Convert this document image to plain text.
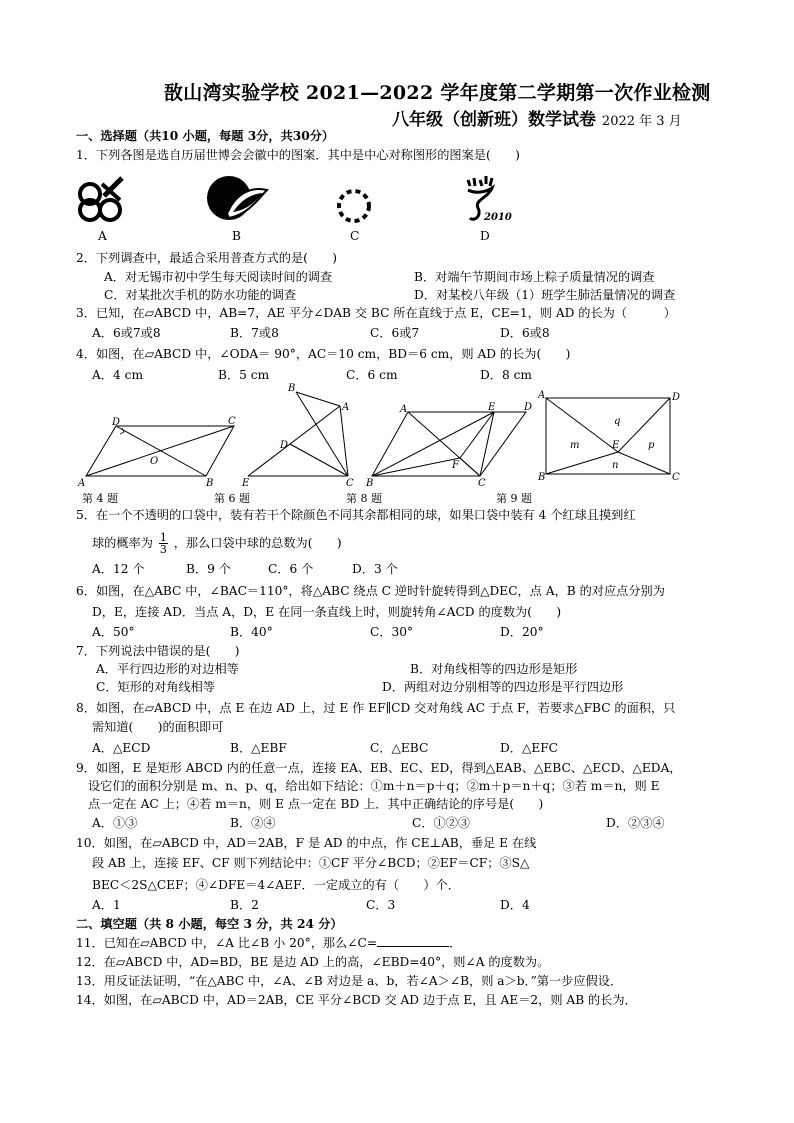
敔山湾实验学校 2021—2022 学年度第二学期第一次作业检测
八年级（创新班）数学试卷 2022 年 3 月
一、选择题（共10 小题，每题 3分，共30分）
1．下列各图是选自历届世博会会徽中的图案．其中是中心对称图形的图案是(　　)
2010
A	B	C	D
2．下列调查中，最适合采用普查方式的是(　　)
A．对无锡市初中学生每天阅读时间的调查	B．对端午节期间市场上粽子质量情况的调查
C．对某批次手机的防水功能的调查	D．对某校八年级（1）班学生肺活量情况的调查
3．已知，在▱ABCD 中，AB=7，AE 平分∠DAB 交 BC 所在直线于点 E，CE=1，则 AD 的长为（　　　）
A．6或7或8	B．7或8	C．6或7	D．6或8
4．如图，在▱ABCD 中，∠ODA＝ 90°，AC＝10 cm，BD＝6 cm，则 AD 的长为(　　)
A．4 cm	B．5 cm	C．6 cm	D．8 cm
D	C
O
A	B
第 4 题
B
A
D
E	C
第 6 题
A	E	D
F
B	C
第 8 题
A	D
q
m	E	p
n
B	C
第 9 题
5．在一个不透明的口袋中，装有若干个除颜色不同其余都相同的球，如果口袋中装有 4 个红球且摸到红
球的概率为 $\frac{1}{3}$ ，那么口袋中球的总数为(　　)
A．12 个	B．9 个	C．6 个	D．3 个
6．如图，在△ABC 中，∠BAC＝110°，将△ABC 绕点 C 逆时针旋转得到△DEC，点 A，B 的对应点分别为
D，E，连接 AD．当点 A，D，E 在同一条直线上时，则旋转角∠ACD 的度数为(　　)
A．50°	B．40°	C．30°	D．20°
7．下列说法中错误的是(　　)
A．平行四边形的对边相等	B．对角线相等的四边形是矩形
C．矩形的对角线相等	D．两组对边分别相等的四边形是平行四边形
8．如图，在▱ABCD 中，点 E 在边 AD 上，过 E 作 EF∥CD 交对角线 AC 于点 F，若要求△FBC 的面积，只
需知道(　　)的面积即可
A．△ECD	B．△EBF	C．△EBC	D．△EFC
9．如图，E 是矩形 ABCD 内的任意一点，连接 EA、EB、EC、ED，得到△EAB、△EBC、△ECD、△EDA，
设它们的面积分别是 m、n、p、q，给出如下结论：①m＋n＝p＋q；②m＋p＝n＋q；③若 m＝n，则 E
点一定在 AC 上；④若 m＝n，则 E 点一定在 BD 上．其中正确结论的序号是(　　)
A．①③	B．②④	C．①②③	D．②③④
10．如图，在▱ABCD 中，AD＝2AB，F 是 AD 的中点，作 CE⊥AB，垂足 E 在线
段 AB 上，连接 EF、CF 则下列结论中：①CF 平分∠BCD；②EF＝CF；③S△
BEC＜2S△CEF；④∠DFE＝4∠AEF．一定成立的有（　　）个．
A．1	B．2	C．3	D．4
二、填空题（共 8 小题，每空 3 分，共 24 分）
11．已知在▱ABCD 中，∠A 比∠B 小 20°，那么∠C=	．
12．在▱ABCD 中，AD=BD，BE 是边 AD 上的高，∠EBD=40°，则∠A 的度数为。
13．用反证法证明，“在△ABC 中，∠A、∠B 对边是 a、b，若∠A＞∠B，则 a＞b．”第一步应假设．
14．如图，在▱ABCD 中，AD＝2AB，CE 平分∠BCD 交 AD 边于点 E，且 AE＝2，则 AB 的长为．
